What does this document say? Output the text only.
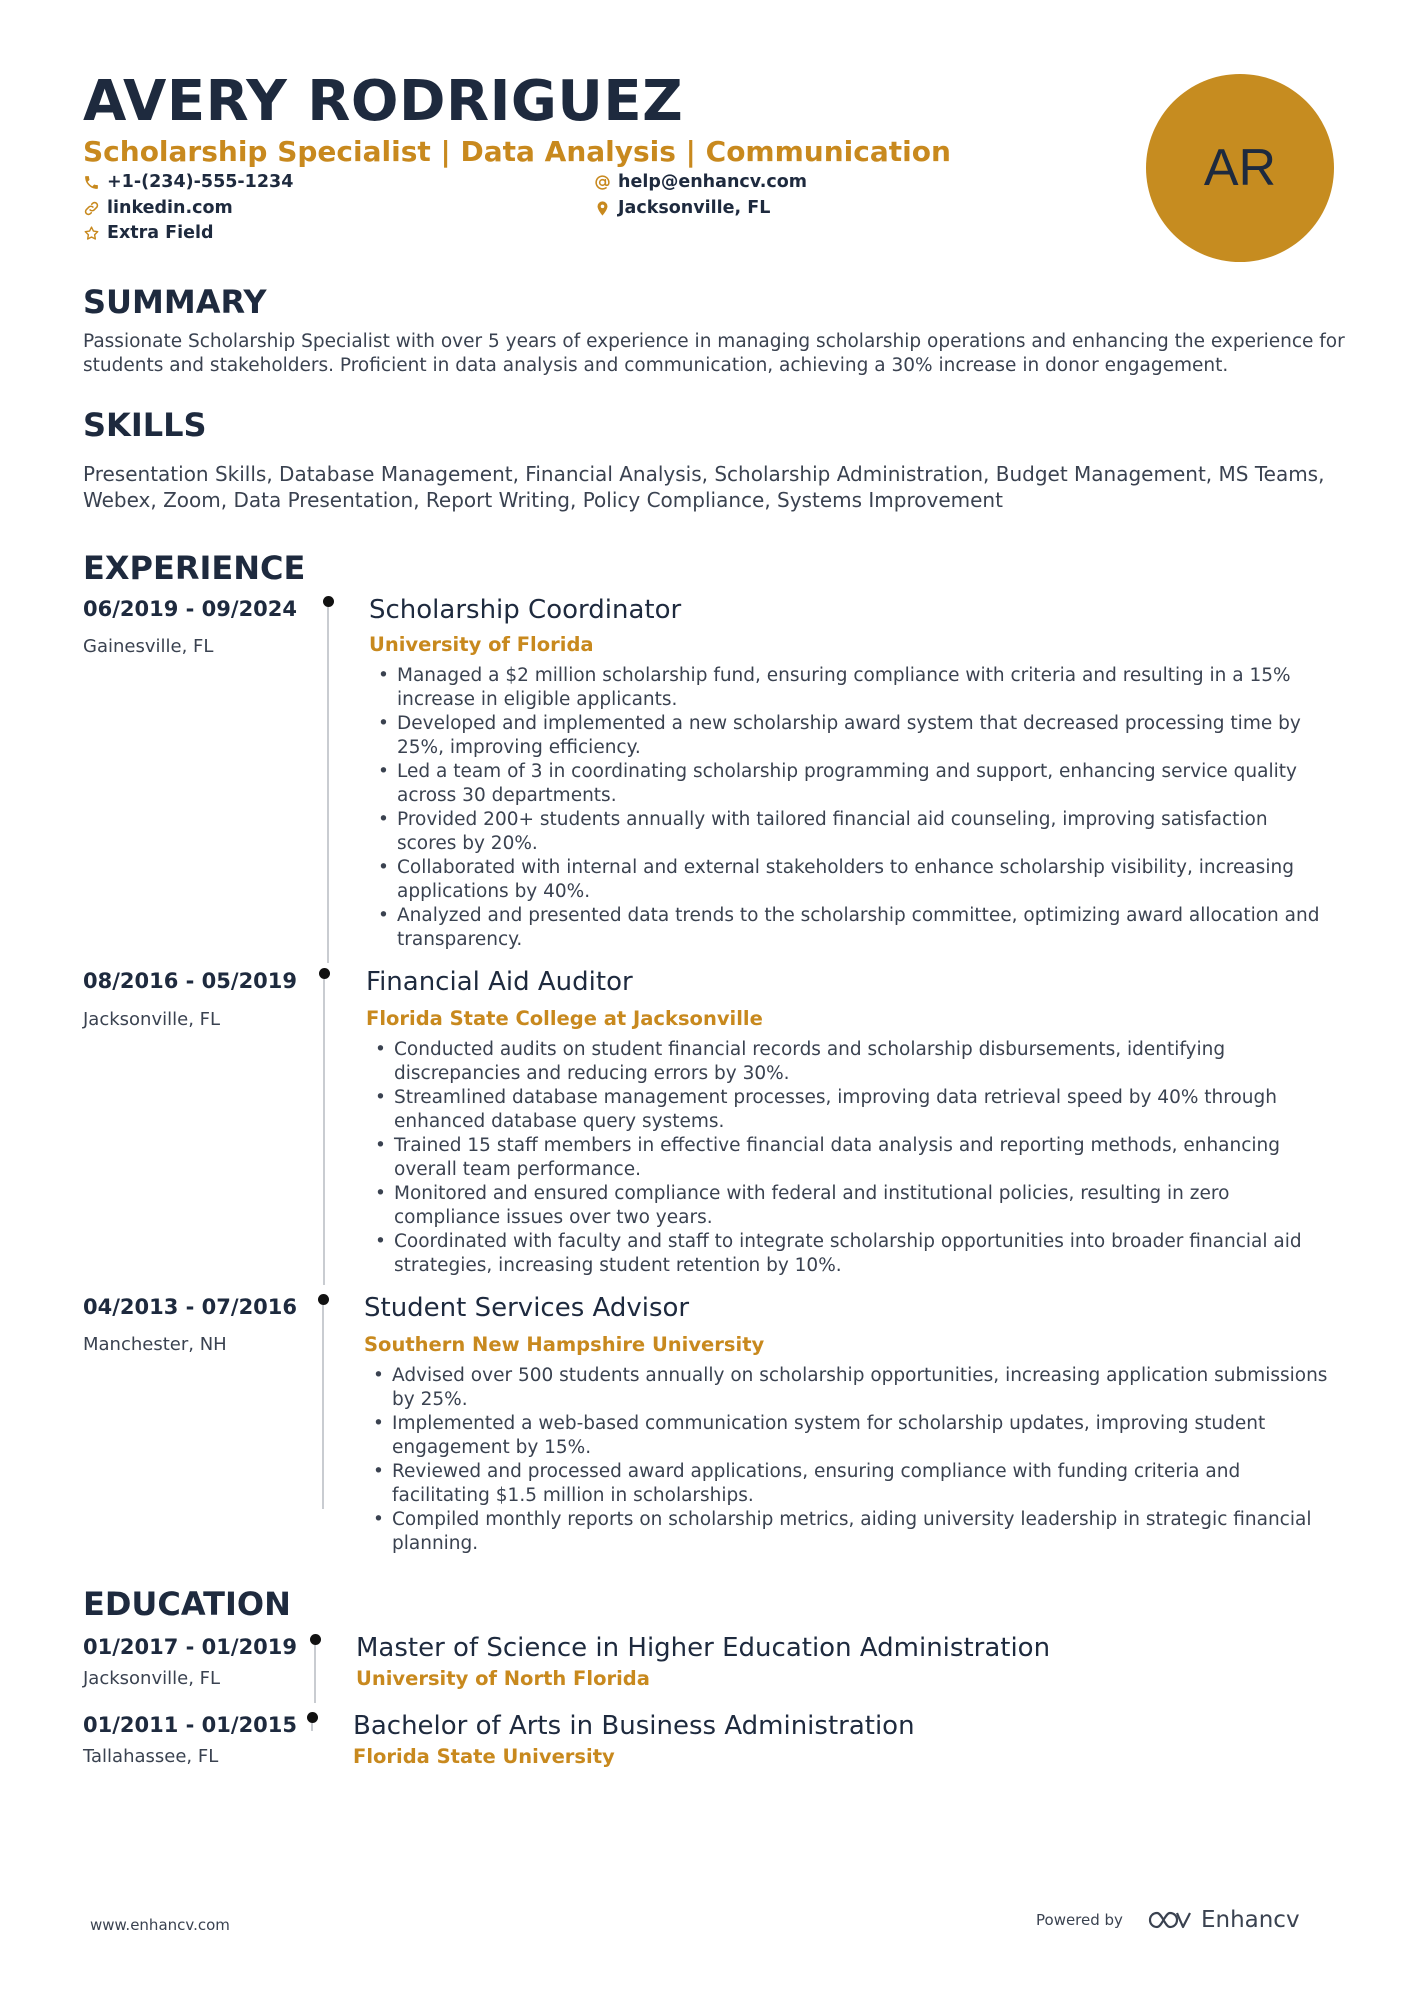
AVERY RODRIGUEZ
Scholarship Specialist | Data Analysis | Communication
+1-(234)-555-1234	help@enhancv.com
linkedin.com	Jacksonville, FL
Extra Field
AR
SUMMARY
Passionate Scholarship Specialist with over 5 years of experience in managing scholarship operations and enhancing the experience for students and stakeholders. Proficient in data analysis and communication, achieving a 30% increase in donor engagement.
SKILLS
Presentation Skills, Database Management, Financial Analysis, Scholarship Administration, Budget Management, MS Teams, Webex, Zoom, Data Presentation, Report Writing, Policy Compliance, Systems Improvement
EXPERIENCE
06/2019 - 09/2024
Gainesville, FL
Scholarship Coordinator
University of Florida
• Managed a $2 million scholarship fund, ensuring compliance with criteria and resulting in a 15% increase in eligible applicants.
• Developed and implemented a new scholarship award system that decreased processing time by 25%, improving efficiency.
• Led a team of 3 in coordinating scholarship programming and support, enhancing service quality across 30 departments.
• Provided 200+ students annually with tailored financial aid counseling, improving satisfaction scores by 20%.
• Collaborated with internal and external stakeholders to enhance scholarship visibility, increasing applications by 40%.
• Analyzed and presented data trends to the scholarship committee, optimizing award allocation and transparency.
08/2016 - 05/2019
Jacksonville, FL
Financial Aid Auditor
Florida State College at Jacksonville
• Conducted audits on student financial records and scholarship disbursements, identifying discrepancies and reducing errors by 30%.
• Streamlined database management processes, improving data retrieval speed by 40% through enhanced database query systems.
• Trained 15 staff members in effective financial data analysis and reporting methods, enhancing overall team performance.
• Monitored and ensured compliance with federal and institutional policies, resulting in zero compliance issues over two years.
• Coordinated with faculty and staff to integrate scholarship opportunities into broader financial aid strategies, increasing student retention by 10%.
04/2013 - 07/2016
Manchester, NH
Student Services Advisor
Southern New Hampshire University
• Advised over 500 students annually on scholarship opportunities, increasing application submissions by 25%.
• Implemented a web-based communication system for scholarship updates, improving student engagement by 15%.
• Reviewed and processed award applications, ensuring compliance with funding criteria and facilitating $1.5 million in scholarships.
• Compiled monthly reports on scholarship metrics, aiding university leadership in strategic financial planning.
EDUCATION
01/2017 - 01/2019
Jacksonville, FL
Master of Science in Higher Education Administration
University of North Florida
01/2011 - 01/2015
Tallahassee, FL
Bachelor of Arts in Business Administration
Florida State University
www.enhancv.com	Powered by	Enhancv
